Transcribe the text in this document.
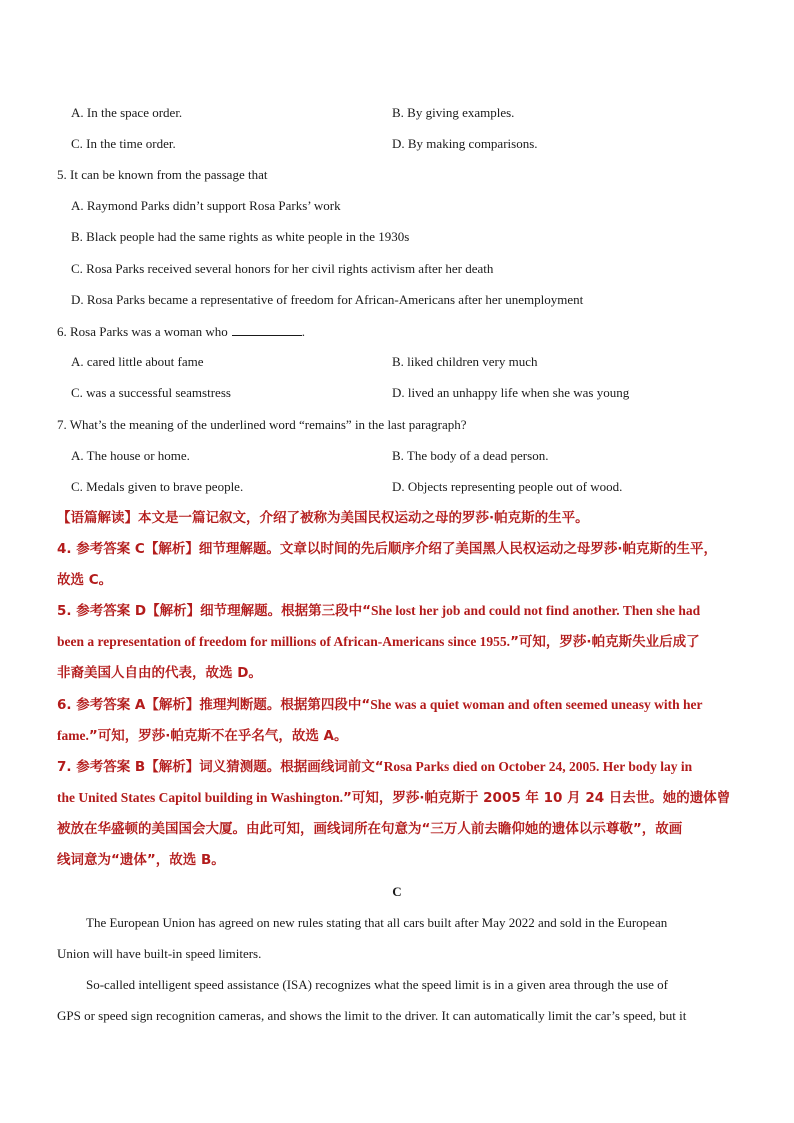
A. In the space order.	B. By giving examples.
C. In the time order.	D. By making comparisons.
5. It can be known from the passage that
A. Raymond Parks didn’t support Rosa Parks’ work
B. Black people had the same rights as white people in the 1930s
C. Rosa Parks received several honors for her civil rights activism after her death
D. Rosa Parks became a representative of freedom for African-Americans after her unemployment
6. Rosa Parks was a woman who	.
A. cared little about fame	B. liked children very much
C. was a successful seamstress	D. lived an unhappy life when she was young
7. What’s the meaning of the underlined word “remains” in the last paragraph?
A. The house or home.	B. The body of a dead person.
C. Medals given to brave people.	D. Objects representing people out of wood.
【语篇解读】本文是一篇记叙文，介绍了被称为美国民权运动之母的罗莎·帕克斯的生平。
4. 参考答案 C【解析】细节理解题。文章以时间的先后顺序介绍了美国黑人民权运动之母罗莎·帕克斯的生平，
故选 C。
5. 参考答案 D【解析】细节理解题。根据第三段中“She lost her job and could not find another. Then she had
been a representation of freedom for millions of African-Americans since 1955.”可知，罗莎·帕克斯失业后成了
非裔美国人自由的代表，故选 D。
6. 参考答案 A【解析】推理判断题。根据第四段中“She was a quiet woman and often seemed uneasy with her
fame.”可知，罗莎·帕克斯不在乎名气，故选 A。
7. 参考答案 B【解析】词义猜测题。根据画线词前文“Rosa Parks died on October 24, 2005. Her body lay in
the United States Capitol building in Washington.”可知，罗莎·帕克斯于 2005 年 10 月 24 日去世。她的遗体曾
被放在华盛顿的美国国会大厦。由此可知，画线词所在句意为“三万人前去瞻仰她的遗体以示尊敬”，故画
线词意为“遗体”，故选 B。
C
The European Union has agreed on new rules stating that all cars built after May 2022 and sold in the European
Union will have built-in speed limiters.
So-called intelligent speed assistance (ISA) recognizes what the speed limit is in a given area through the use of
GPS or speed sign recognition cameras, and shows the limit to the driver. It can automatically limit the car’s speed, but it
